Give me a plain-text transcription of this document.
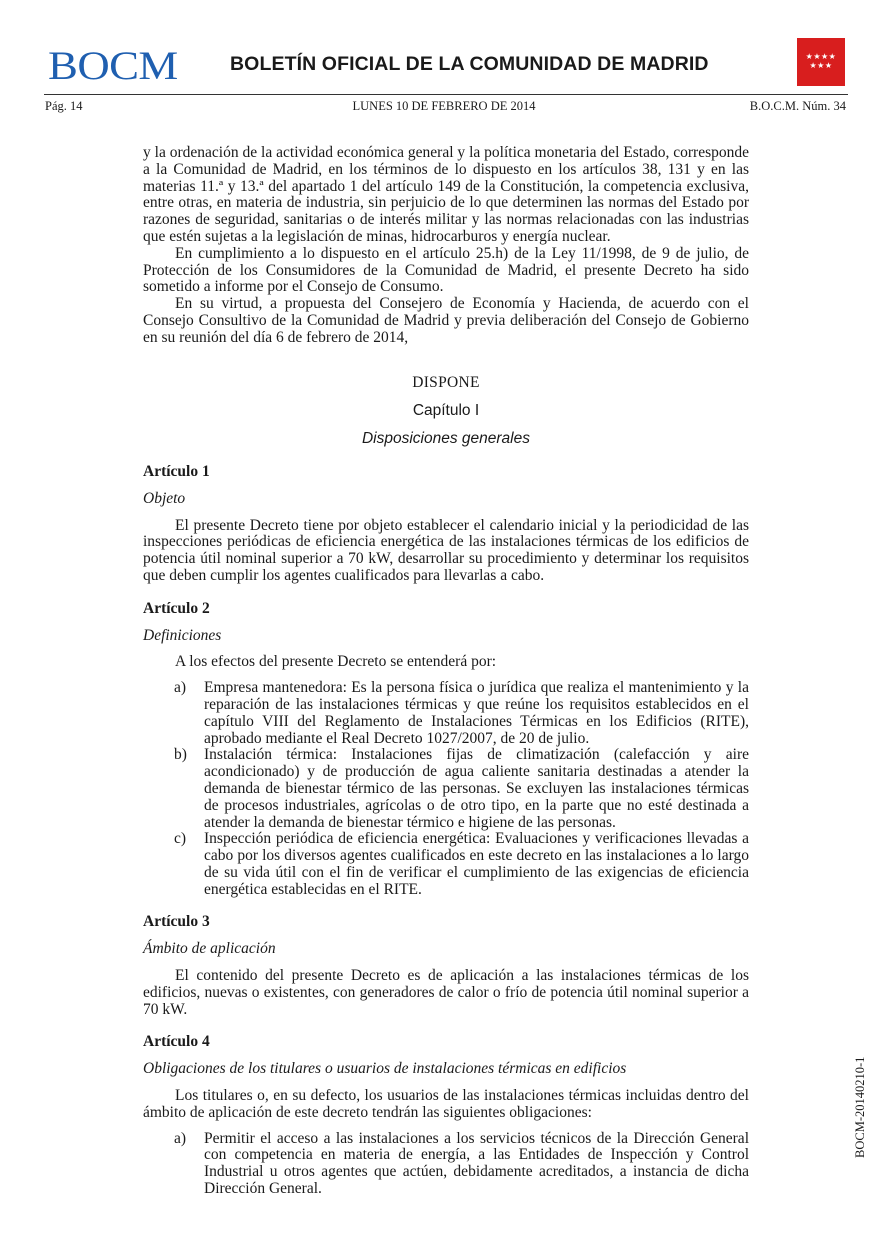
BOCM	BOLETÍN OFICIAL DE LA COMUNIDAD DE MADRID	★★★★
★★★
Pág. 14	LUNES 10 DE FEBRERO DE 2014	B.O.C.M. Núm. 34
BOCM-20140210-1

y la ordenación de la actividad económica general y la política monetaria del Estado, corresponde a la Comunidad de Madrid, en los términos de lo dispuesto en los artículos 38, 131 y en las materias 11.ª y 13.ª del apartado 1 del artículo 149 de la Constitución, la competencia exclusiva, entre otras, en materia de industria, sin perjuicio de lo que determinen las normas del Estado por razones de seguridad, sanitarias o de interés militar y las normas relacionadas con las industrias que estén sujetas a la legislación de minas, hidrocarburos y energía nuclear.

En cumplimiento a lo dispuesto en el artículo 25.h) de la Ley 11/1998, de 9 de julio, de Protección de los Consumidores de la Comunidad de Madrid, el presente Decreto ha sido sometido a informe por el Consejo de Consumo.

En su virtud, a propuesta del Consejero de Economía y Hacienda, de acuerdo con el Consejo Consultivo de la Comunidad de Madrid y previa deliberación del Consejo de Gobierno en su reunión del día 6 de febrero de 2014,

DISPONE

Capítulo I

Disposiciones generales

Artículo 1

Objeto

El presente Decreto tiene por objeto establecer el calendario inicial y la periodicidad de las inspecciones periódicas de eficiencia energética de las instalaciones térmicas de los edificios de potencia útil nominal superior a 70 kW, desarrollar su procedimiento y determinar los requisitos que deben cumplir los agentes cualificados para llevarlas a cabo.

Artículo 2

Definiciones

A los efectos del presente Decreto se entenderá por:

a)	Empresa mantenedora: Es la persona física o jurídica que realiza el mantenimiento y la reparación de las instalaciones térmicas y que reúne los requisitos establecidos en el capítulo VIII del Reglamento de Instalaciones Térmicas en los Edificios (RITE), aprobado mediante el Real Decreto 1027/2007, de 20 de julio.
b)	Instalación térmica: Instalaciones fijas de climatización (calefacción y aire acondicionado) y de producción de agua caliente sanitaria destinadas a atender la demanda de bienestar térmico de las personas. Se excluyen las instalaciones térmicas de procesos industriales, agrícolas o de otro tipo, en la parte que no esté destinada a atender la demanda de bienestar térmico e higiene de las personas.
c)	Inspección periódica de eficiencia energética: Evaluaciones y verificaciones llevadas a cabo por los diversos agentes cualificados en este decreto en las instalaciones a lo largo de su vida útil con el fin de verificar el cumplimiento de las exigencias de eficiencia energética establecidas en el RITE.

Artículo 3

Ámbito de aplicación

El contenido del presente Decreto es de aplicación a las instalaciones térmicas de los edificios, nuevas o existentes, con generadores de calor o frío de potencia útil nominal superior a 70 kW.

Artículo 4

Obligaciones de los titulares o usuarios de instalaciones térmicas en edificios

Los titulares o, en su defecto, los usuarios de las instalaciones térmicas incluidas dentro del ámbito de aplicación de este decreto tendrán las siguientes obligaciones:

a)	Permitir el acceso a las instalaciones a los servicios técnicos de la Dirección General con competencia en materia de energía, a las Entidades de Inspección y Control Industrial u otros agentes que actúen, debidamente acreditados, a instancia de dicha Dirección General.
